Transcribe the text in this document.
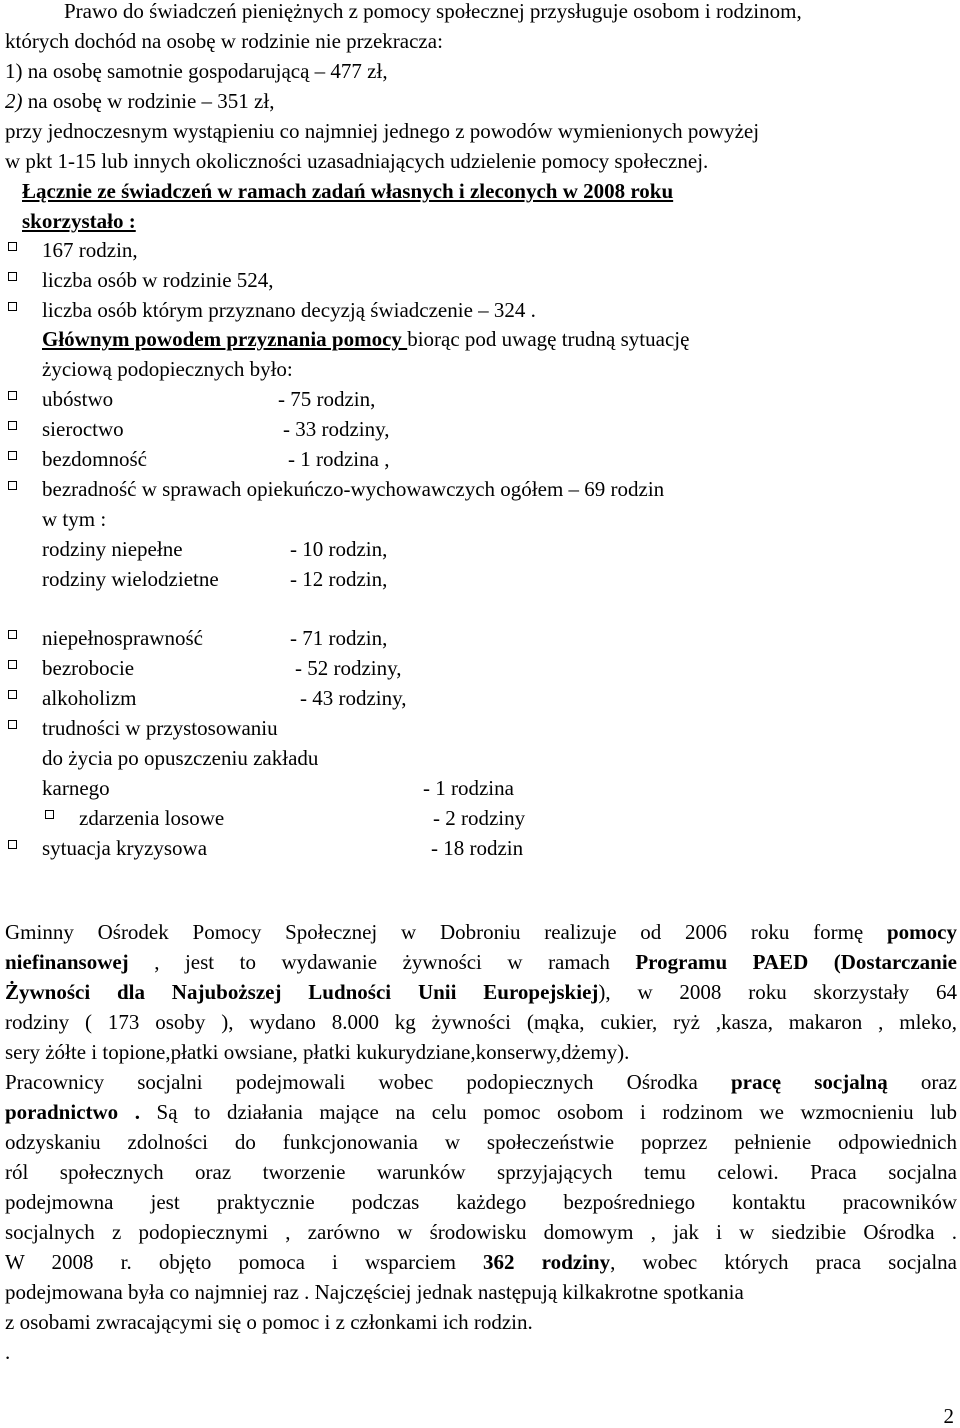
Prawo do świadczeń pieniężnych z pomocy społecznej przysługuje osobom i rodzinom,
których dochód na osobę w rodzinie nie przekracza:
1) na osobę samotnie gospodarującą – 477 zł,
2) na osobę w rodzinie – 351 zł,
przy jednoczesnym wystąpieniu co najmniej jednego z powodów wymienionych powyżej
w pkt 1-15 lub innych okoliczności uzasadniających udzielenie pomocy społecznej.
Łącznie ze świadczeń w ramach zadań własnych i zleconych w 2008 roku
skorzystało :
167 rodzin,
liczba osób w rodzinie 524,
liczba osób którym przyznano decyzją świadczenie – 324 .
Głównym powodem przyznania pomocy biorąc pod uwagę trudną sytuację
życiową podopiecznych było:
ubóstwo	- 75 rodzin,
sieroctwo	- 33 rodziny,
bezdomność	- 1 rodzina ,
bezradność w sprawach opiekuńczo-wychowawczych ogółem – 69 rodzin
w tym :
rodziny niepełne	- 10 rodzin,
rodziny wielodzietne	- 12 rodzin,
niepełnosprawność	- 71 rodzin,
bezrobocie	- 52 rodziny,
alkoholizm	- 43 rodziny,
trudności w przystosowaniu
do życia po opuszczeniu zakładu
karnego	- 1 rodzina
zdarzenia losowe	- 2 rodziny
sytuacja kryzysowa	- 18 rodzin
Gminny Ośrodek Pomocy Społecznej w Dobroniu realizuje od 2006 roku formę pomocy
niefinansowej , jest to wydawanie żywności w ramach Programu PAED (Dostarczanie
Żywności dla Najuboższej Ludności Unii Europejskiej), w 2008 roku skorzystały 64
rodziny ( 173 osoby ), wydano 8.000 kg żywności (mąka, cukier, ryż ,kasza, makaron , mleko,
sery żółte i topione,płatki owsiane, płatki kukurydziane,konserwy,dżemy).
Pracownicy socjalni podejmowali wobec podopiecznych Ośrodka pracę socjalną oraz
poradnictwo . Są to działania mające na celu pomoc osobom i rodzinom we wzmocnieniu lub
odzyskaniu zdolności do funkcjonowania w społeczeństwie poprzez pełnienie odpowiednich
ról społecznych oraz tworzenie warunków sprzyjających temu celowi. Praca socjalna
podejmowna jest praktycznie podczas każdego bezpośredniego kontaktu pracowników
socjalnych z podopiecznymi , zarówno w środowisku domowym , jak i w siedzibie Ośrodka .
W 2008 r. objęto pomoca i wsparciem 362 rodziny, wobec których praca socjalna
podejmowana była co najmniej raz . Najczęściej jednak następują kilkakrotne spotkania
z osobami zwracającymi się o pomoc i z członkami ich rodzin.
.
2
